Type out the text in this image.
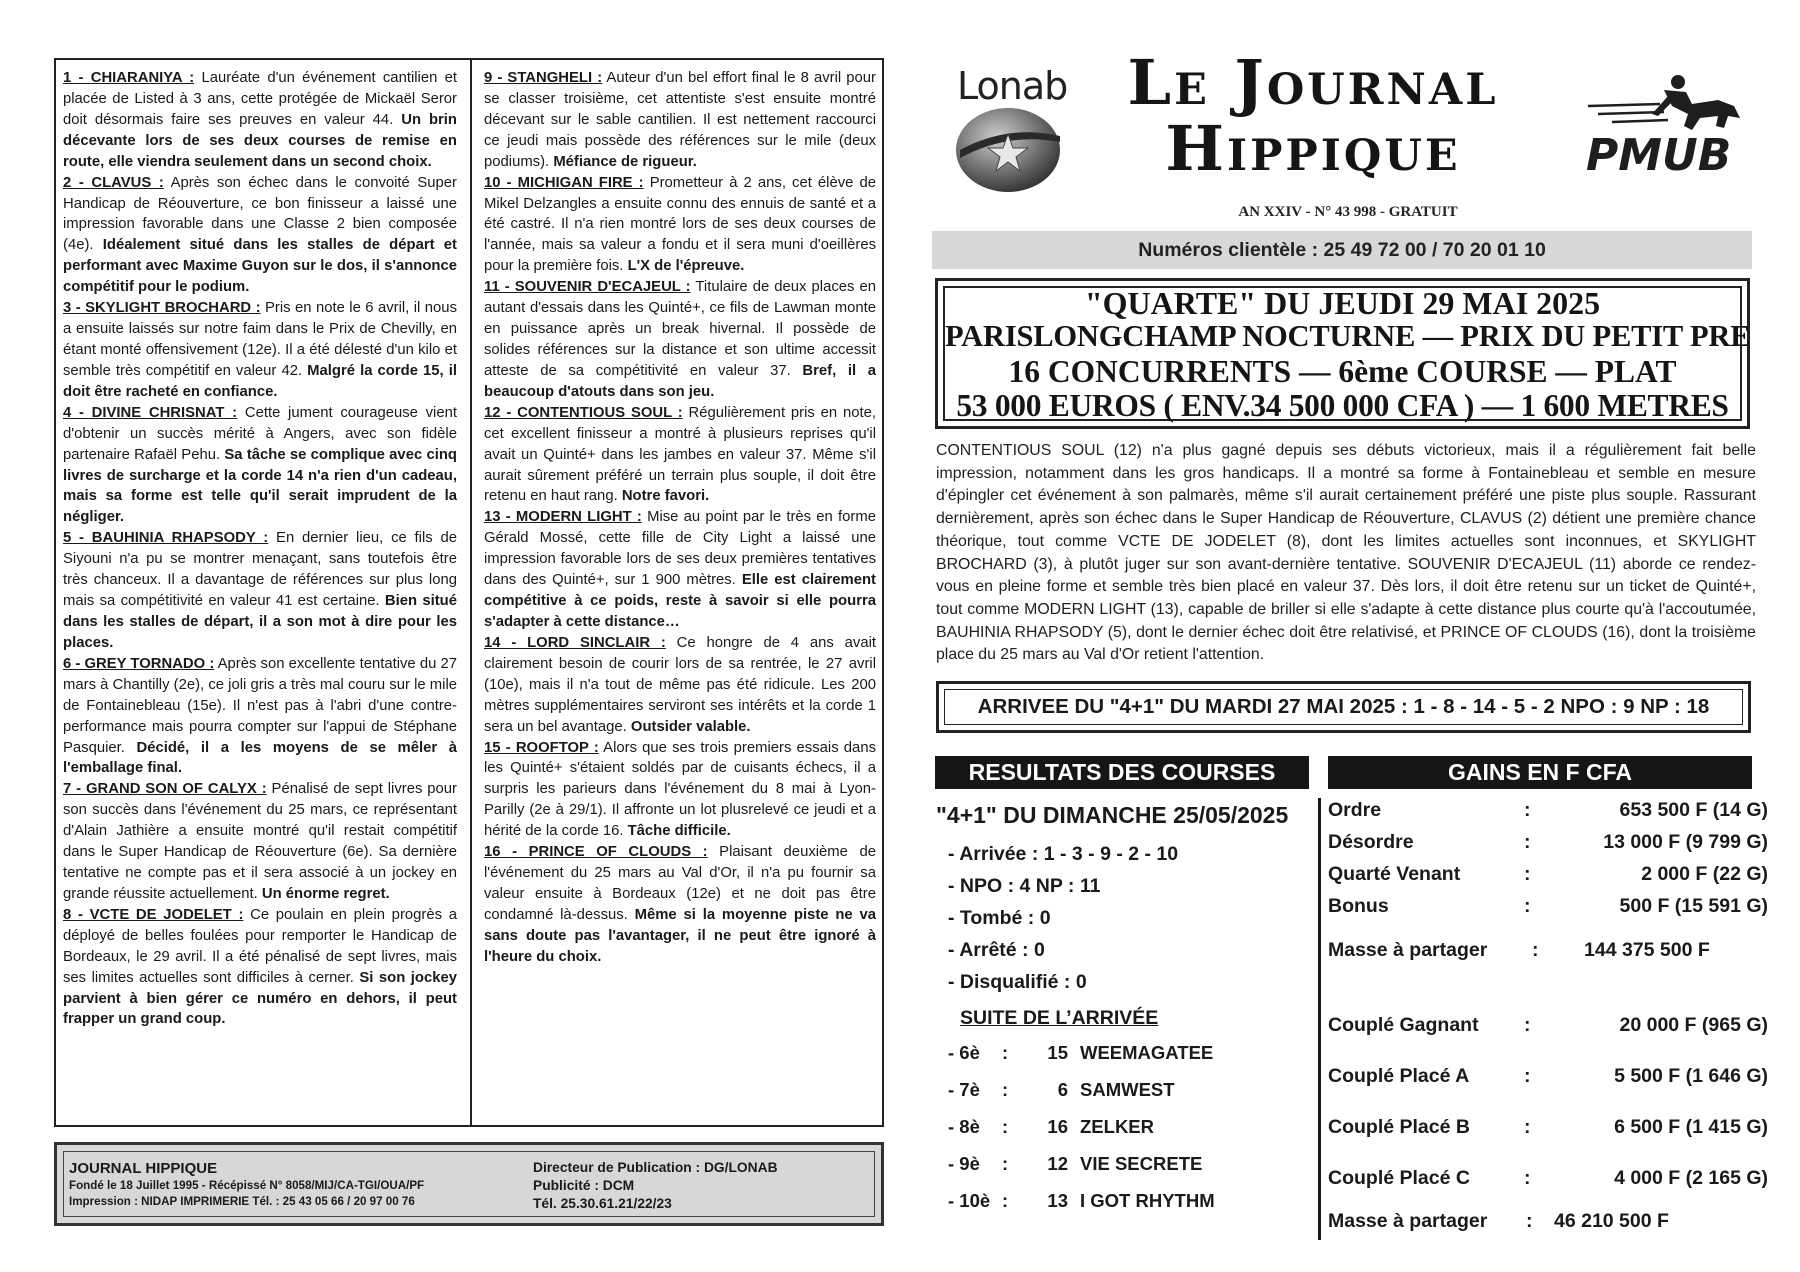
1 - CHIARANIYA : Lauréate d'un événement cantilien et placée de Listed à 3 ans, cette protégée de Mickaël Seror doit désormais faire ses preuves en valeur 44. Un brin décevante lors de ses deux courses de remise en route, elle viendra seulement dans un second choix.
2 - CLAVUS : Après son échec dans le convoité Super Handicap de Réouverture, ce bon finisseur a laissé une impression favorable dans une Classe 2 bien composée (4e). Idéalement situé dans les stalles de départ et performant avec Maxime Guyon sur le dos, il s'annonce compétitif pour le podium.
3 - SKYLIGHT BROCHARD : Pris en note le 6 avril, il nous a ensuite laissés sur notre faim dans le Prix de Chevilly, en étant monté offensivement (12e). Il a été délesté d'un kilo et semble très compétitif en valeur 42. Malgré la corde 15, il doit être racheté en confiance.
4 - DIVINE CHRISNAT : Cette jument courageuse vient d'obtenir un succès mérité à Angers, avec son fidèle partenaire Rafaël Pehu. Sa tâche se complique avec cinq livres de surcharge et la corde 14 n'a rien d'un cadeau, mais sa forme est telle qu'il serait imprudent de la négliger.
5 - BAUHINIA RHAPSODY : En dernier lieu, ce fils de Siyouni n'a pu se montrer menaçant, sans toutefois être très chanceux. Il a davantage de références sur plus long mais sa compétitivité en valeur 41 est certaine. Bien situé dans les stalles de départ, il a son mot à dire pour les places.
6 - GREY TORNADO : Après son excellente tentative du 27 mars à Chantilly (2e), ce joli gris a très mal couru sur le mile de Fontainebleau (15e). Il n'est pas à l'abri d'une contre-performance mais pourra compter sur l'appui de Stéphane Pasquier. Décidé, il a les moyens de se mêler à l'emballage final.
7 - GRAND SON OF CALYX : Pénalisé de sept livres pour son succès dans l'événement du 25 mars, ce représentant d'Alain Jathière a ensuite montré qu'il restait compétitif dans le Super Handicap de Réouverture (6e). Sa dernière tentative ne compte pas et il sera associé à un jockey en grande réussite actuellement. Un énorme regret.
8 - VCTE DE JODELET : Ce poulain en plein progrès a déployé de belles foulées pour remporter le Handicap de Bordeaux, le 29 avril. Il a été pénalisé de sept livres, mais ses limites actuelles sont difficiles à cerner. Si son jockey parvient à bien gérer ce numéro en dehors, il peut frapper un grand coup.
9 - STANGHELI : Auteur d'un bel effort final le 8 avril pour se classer troisième, cet attentiste s'est ensuite montré décevant sur le sable cantilien. Il est nettement raccourci ce jeudi mais possède des références sur le mile (deux podiums). Méfiance de rigueur.
10 - MICHIGAN FIRE : Prometteur à 2 ans, cet élève de Mikel Delzangles a ensuite connu des ennuis de santé et a été castré. Il n'a rien montré lors de ses deux courses de l'année, mais sa valeur a fondu et il sera muni d'oeillères pour la première fois. L'X de l'épreuve.
11 - SOUVENIR D'ECAJEUL : Titulaire de deux places en autant d'essais dans les Quinté+, ce fils de Lawman monte en puissance après un break hivernal. Il possède de solides références sur la distance et son ultime accessit atteste de sa compétitivité en valeur 37. Bref, il a beaucoup d'atouts dans son jeu.
12 - CONTENTIOUS SOUL : Régulièrement pris en note, cet excellent finisseur a montré à plusieurs reprises qu'il avait un Quinté+ dans les jambes en valeur 37. Même s'il aurait sûrement préféré un terrain plus souple, il doit être retenu en haut rang. Notre favori.
13 - MODERN LIGHT : Mise au point par le très en forme Gérald Mossé, cette fille de City Light a laissé une impression favorable lors de ses deux premières tentatives dans des Quinté+, sur 1 900 mètres. Elle est clairement compétitive à ce poids, reste à savoir si elle pourra s'adapter à cette distance…
14 - LORD SINCLAIR : Ce hongre de 4 ans avait clairement besoin de courir lors de sa rentrée, le 27 avril (10e), mais il n'a tout de même pas été ridicule. Les 200 mètres supplémentaires serviront ses intérêts et la corde 1 sera un bel avantage. Outsider valable.
15 - ROOFTOP : Alors que ses trois premiers essais dans les Quinté+ s'étaient soldés par de cuisants échecs, il a surpris les parieurs dans l'événement du 8 mai à Lyon-Parilly (2e à 29/1). Il affronte un lot plusrelevé ce jeudi et a hérité de la corde 16. Tâche difficile.
16 - PRINCE OF CLOUDS : Plaisant deuxième de l'événement du 25 mars au Val d'Or, il n'a pu fournir sa valeur ensuite à Bordeaux (12e) et ne doit pas être condamné là-dessus. Même si la moyenne piste ne va sans doute pas l'avantager, il ne peut être ignoré à l'heure du choix.
JOURNAL HIPPIQUE
Fondé le 18 Juillet 1995 - Récépissé N° 8058/MIJ/CA-TGI/OUA/PF
Impression : NIDAP IMPRIMERIE Tél. : 25 43 05 66 / 20 97 00 76
Directeur de Publication : DG/LONAB
Publicité : DCM
Tél. 25.30.61.21/22/23
Lonab Le Journal
Hippique
AN XXIV - N° 43 998 - GRATUIT
PMUB
Numéros clientèle : 25 49 72 00 / 70 20 01 10
"QUARTE" DU JEUDI 29 MAI 2025
PARISLONGCHAMP NOCTURNE — PRIX DU PETIT PRE
16 CONCURRENTS — 6ème COURSE — PLAT
53 000 EUROS ( ENV.34 500 000 CFA ) — 1 600 METRES
CONTENTIOUS SOUL (12) n'a plus gagné depuis ses débuts victorieux, mais il a régulièrement fait belle impression, notamment dans les gros handicaps. Il a montré sa forme à Fontainebleau et semble en mesure d'épingler cet événement à son palmarès, même s'il aurait certainement préféré une piste plus souple. Rassurant dernièrement, après son échec dans le Super Handicap de Réouverture, CLAVUS (2) détient une première chance théorique, tout comme VCTE DE JODELET (8), dont les limites actuelles sont inconnues, et SKYLIGHT BROCHARD (3), à plutôt juger sur son avant-dernière tentative. SOUVENIR D'ECAJEUL (11) aborde ce rendez-vous en pleine forme et semble très bien placé en valeur 37. Dès lors, il doit être retenu sur un ticket de Quinté+, tout comme MODERN LIGHT (13), capable de briller si elle s'adapte à cette distance plus courte qu'à l'accoutumée, BAUHINIA RHAPSODY (5), dont le dernier échec doit être relativisé, et PRINCE OF CLOUDS (16), dont la troisième place du 25 mars au Val d'Or retient l'attention.
ARRIVEE DU "4+1" DU MARDI 27 MAI 2025 : 1 - 8 - 14 - 5 - 2 NPO : 9 NP : 18
RESULTATS DES COURSES	GAINS EN F CFA
"4+1" DU DIMANCHE 25/05/2025
- Arrivée : 1 - 3 - 9 - 2 - 10
- NPO : 4 NP : 11
- Tombé : 0
- Arrêté : 0
- Disqualifié : 0
SUITE DE L’ARRIVÉE
- 6è :	15 WEEMAGATEE
- 7è :	6 SAMWEST
- 8è :	16 ZELKER
- 9è :	12 VIE SECRETE
- 10è :	13 I GOT RHYTHM
Ordre	:	653 500 F (14 G)
Désordre	:	13 000 F (9 799 G)
Quarté Venant	:	2 000 F (22 G)
Bonus	:	500 F (15 591 G)
Masse à partager : 144 375 500 F
Couplé Gagnant :	20 000 F (965 G)
Couplé Placé A	:	5 500 F (1 646 G)
Couplé Placé B	:	6 500 F (1 415 G)
Couplé Placé C	:	4 000 F (2 165 G)
Masse à partager : 46 210 500 F
